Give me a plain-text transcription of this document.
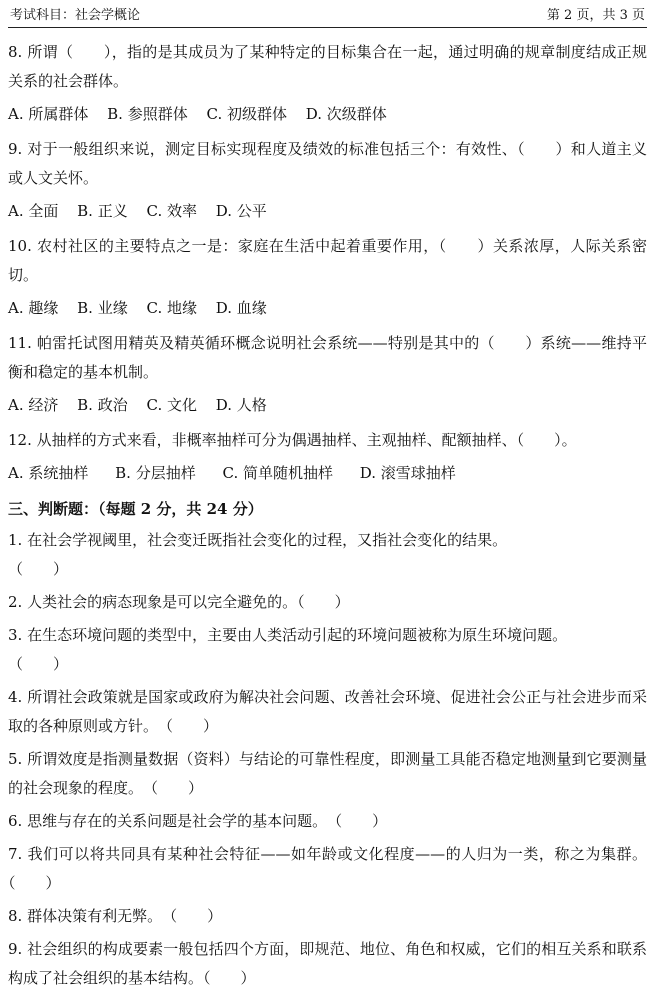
考试科目：社会学概论	第 2 页，共 3 页

8. 所谓（　　），指的是其成员为了某种特定的目标集合在一起，通过明确的规章制度结成正规关系的社会群体。

A. 所属群体 B. 参照群体 C. 初级群体 D. 次级群体

9. 对于一般组织来说，测定目标实现程度及绩效的标准包括三个：有效性、（　　）和人道主义或人文关怀。

A. 全面 B. 正义 C. 效率 D. 公平

10. 农村社区的主要特点之一是：家庭在生活中起着重要作用，（　　）关系浓厚，人际关系密切。

A. 趣缘 B. 业缘 C. 地缘 D. 血缘

11. 帕雷托试图用精英及精英循环概念说明社会系统——特别是其中的（　　）系统——维持平衡和稳定的基本机制。

A. 经济 B. 政治 C. 文化 D. 人格

12. 从抽样的方式来看，非概率抽样可分为偶遇抽样、主观抽样、配额抽样、（　　）。

A. 系统抽样 B. 分层抽样 C. 简单随机抽样 D. 滚雪球抽样
三、判断题：（每题 2 分，共 24 分）

1. 在社会学视阈里，社会变迁既指社会变化的过程，又指社会变化的结果。

（　　）

2. 人类社会的病态现象是可以完全避免的。（　　）

3. 在生态环境问题的类型中，主要由人类活动引起的环境问题被称为原生环境问题。

（　　）

4. 所谓社会政策就是国家或政府为解决社会问题、改善社会环境、促进社会公正与社会进步而采取的各种原则或方针。　 （　　）

5. 所谓效度是指测量数据（资料）与结论的可靠性程度，即测量工具能否稳定地测量到它要测量的社会现象的程度。　 （　　）

6. 思维与存在的关系问题是社会学的基本问题。　 （　　）

7. 我们可以将共同具有某种社会特征——如年龄或文化程度——的人归为一类，称之为集群。（　　）

8. 群体决策有利无弊。　 （　　）

9. 社会组织的构成要素一般包括四个方面，即规范、地位、角色和权威，它们的相互关系和联系构成了社会组织的基本结构。（　　）
